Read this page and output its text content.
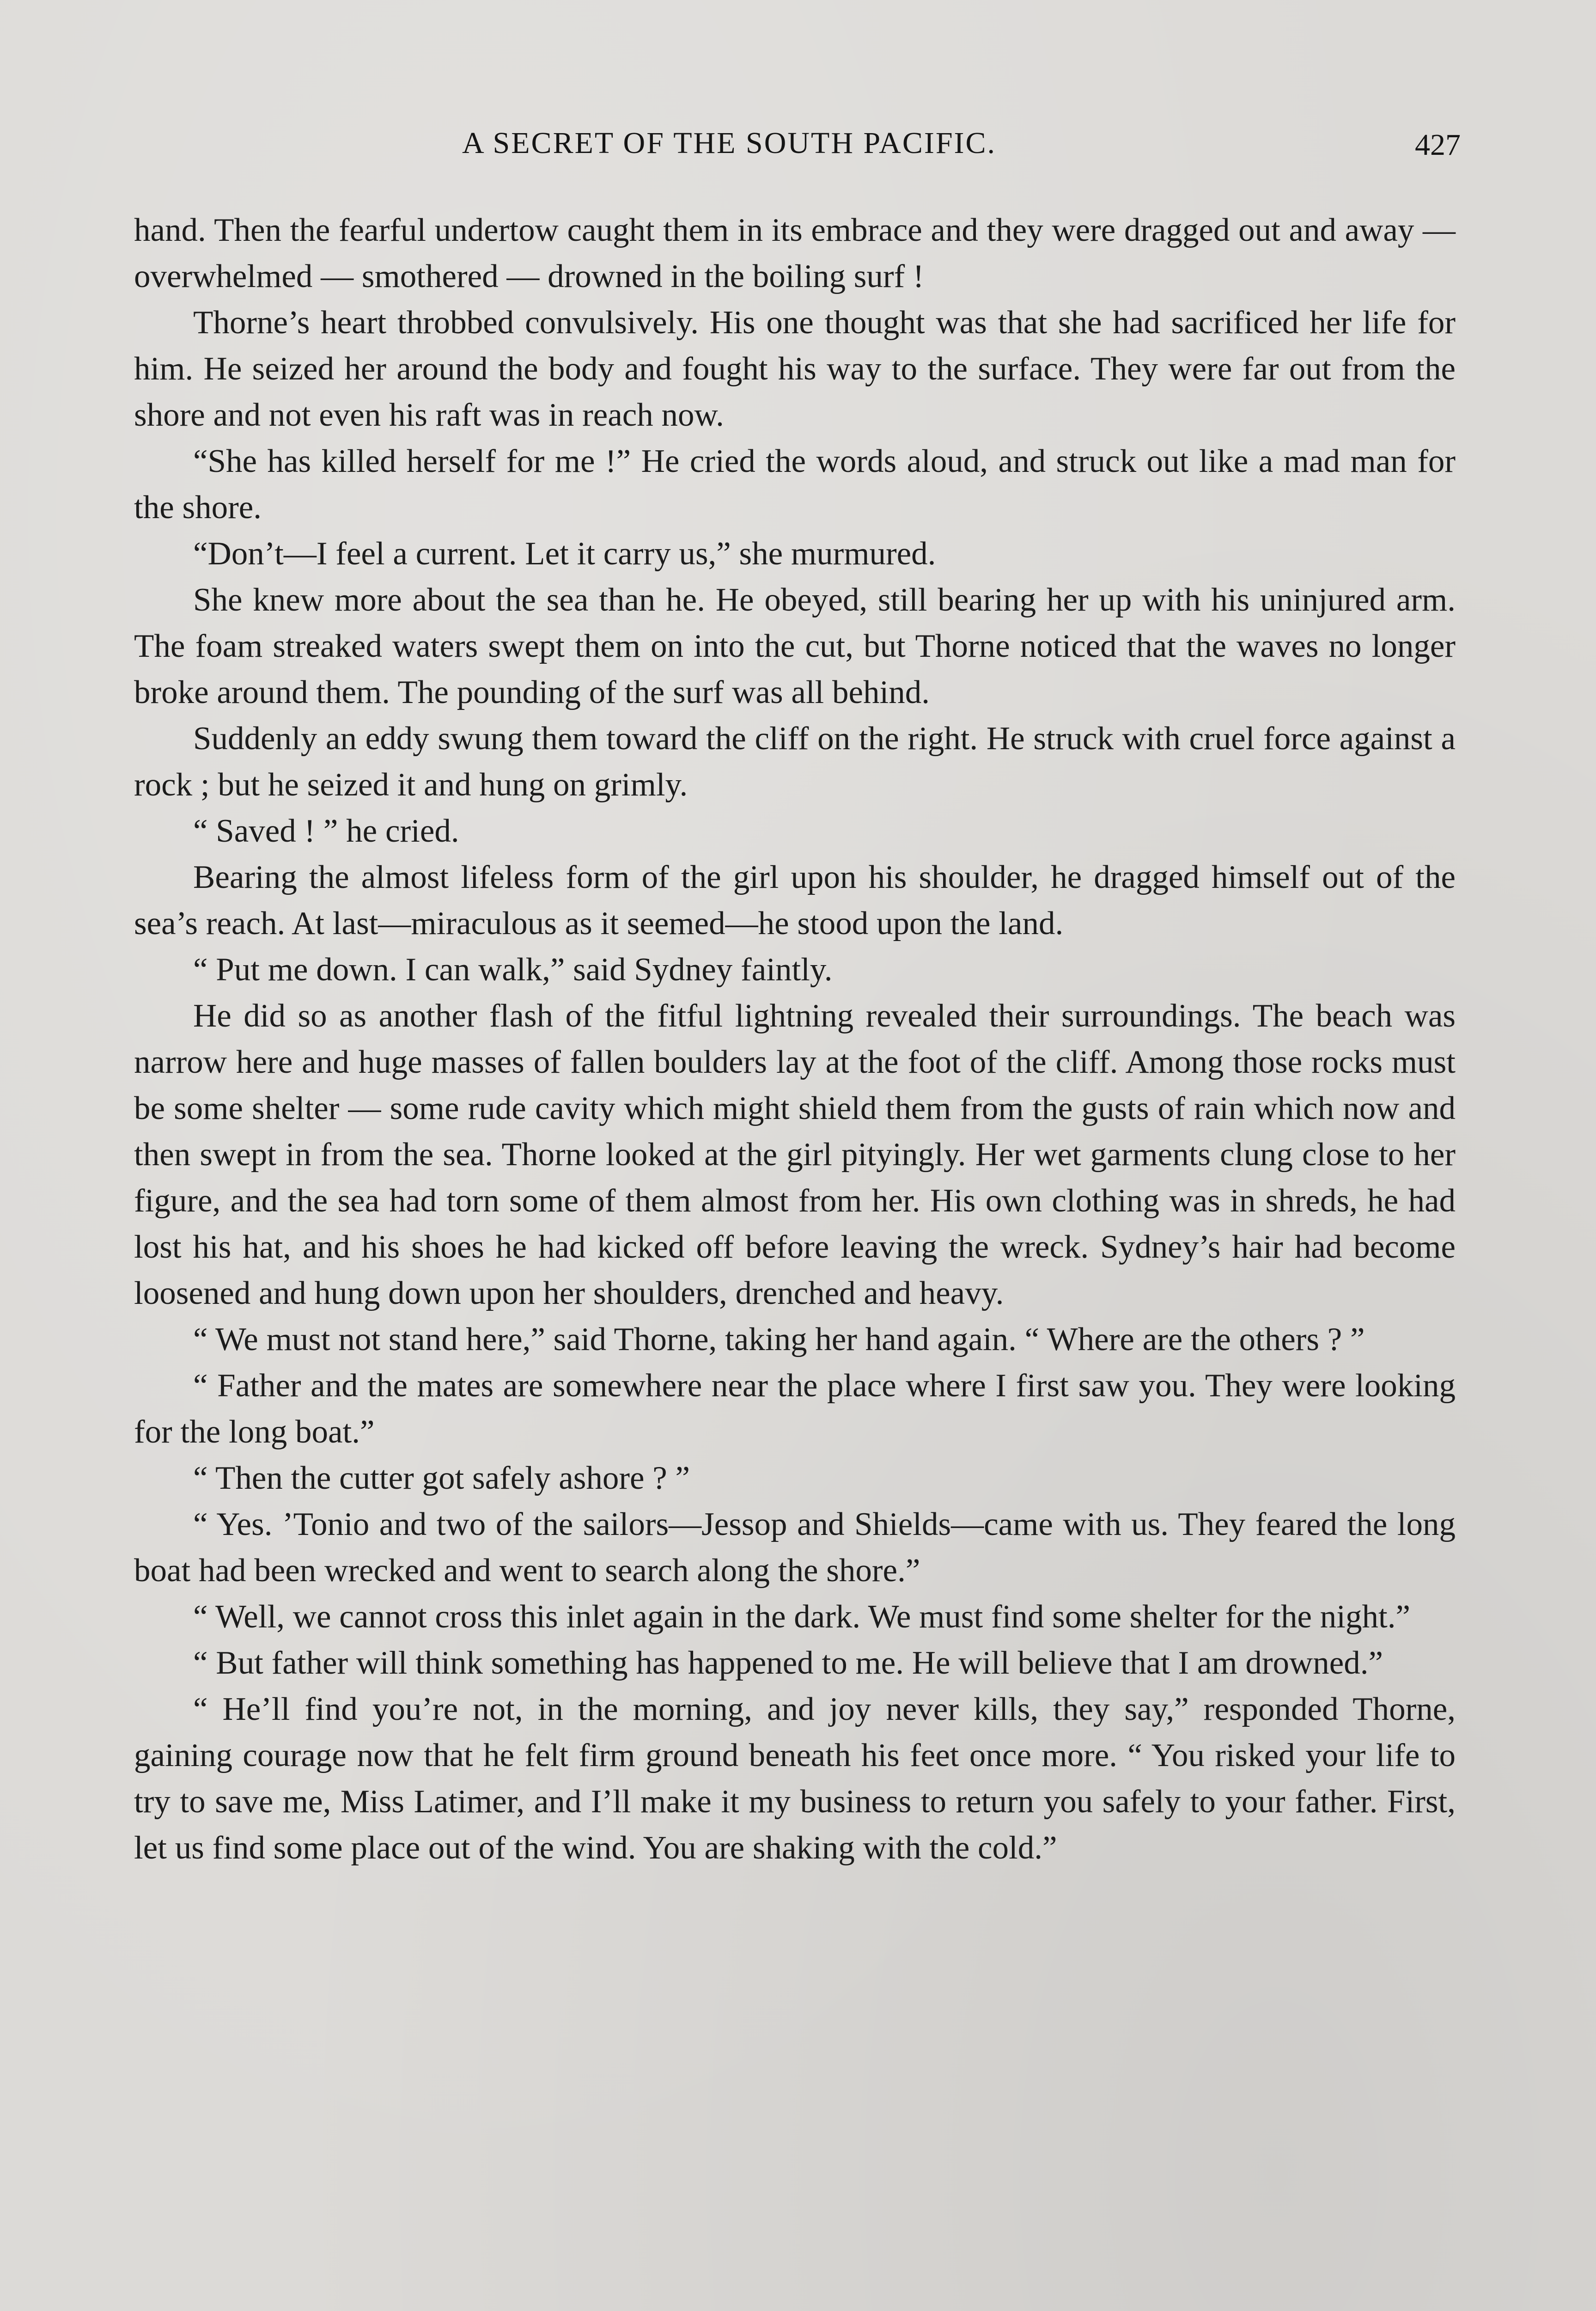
A SECRET OF THE SOUTH PACIFIC.	427

hand. Then the fearful undertow caught them in its embrace and they were dragged out and away — overwhelmed — smothered — drowned in the boiling surf !

Thorne’s heart throbbed convulsively. His one thought was that she had sacrificed her life for him. He seized her around the body and fought his way to the surface. They were far out from the shore and not even his raft was in reach now.

“She has killed herself for me !” He cried the words aloud, and struck out like a mad man for the shore.

“Don’t—I feel a current. Let it carry us,” she murmured.

She knew more about the sea than he. He obeyed, still bearing her up with his uninjured arm. The foam streaked waters swept them on into the cut, but Thorne noticed that the waves no longer broke around them. The pounding of the surf was all behind.

Suddenly an eddy swung them toward the cliff on the right. He struck with cruel force against a rock ; but he seized it and hung on grimly.

“ Saved ! ” he cried.

Bearing the almost lifeless form of the girl upon his shoulder, he dragged himself out of the sea’s reach. At last—miraculous as it seemed—he stood upon the land.

“ Put me down. I can walk,” said Sydney faintly.

He did so as another flash of the fitful lightning revealed their surroundings. The beach was narrow here and huge masses of fallen boulders lay at the foot of the cliff. Among those rocks must be some shelter — some rude cavity which might shield them from the gusts of rain which now and then swept in from the sea. Thorne looked at the girl pityingly. Her wet garments clung close to her figure, and the sea had torn some of them almost from her. His own clothing was in shreds, he had lost his hat, and his shoes he had kicked off before leaving the wreck. Sydney’s hair had become loosened and hung down upon her shoulders, drenched and heavy.

“ We must not stand here,” said Thorne, taking her hand again. “ Where are the others ? ”

“ Father and the mates are somewhere near the place where I first saw you. They were looking for the long boat.”

“ Then the cutter got safely ashore ? ”

“ Yes. ’Tonio and two of the sailors—Jessop and Shields—came with us. They feared the long boat had been wrecked and went to search along the shore.”

“ Well, we cannot cross this inlet again in the dark. We must find some shelter for the night.”

“ But father will think something has happened to me. He will believe that I am drowned.”

“ He’ll find you’re not, in the morning, and joy never kills, they say,” responded Thorne, gaining courage now that he felt firm ground beneath his feet once more. “ You risked your life to try to save me, Miss Latimer, and I’ll make it my business to return you safely to your father. First, let us find some place out of the wind. You are shaking with the cold.”
